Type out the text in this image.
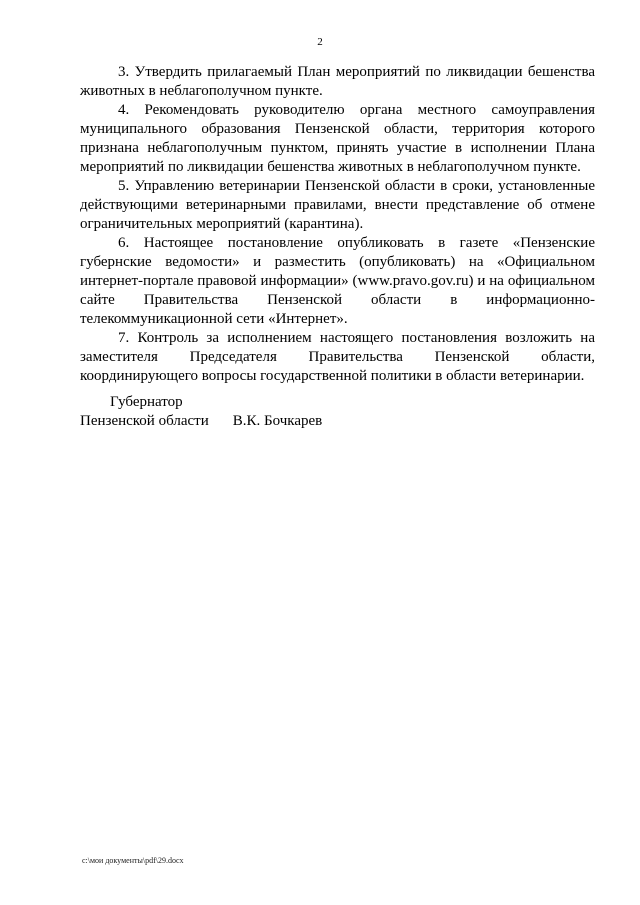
2

3. Утвердить прилагаемый План мероприятий по ликвидации бешенства животных в неблагополучном пункте.

4. Рекомендовать руководителю органа местного самоуправления муниципального образования Пензенской области, территория которого признана неблагополучным пунктом, принять участие в исполнении Плана мероприятий по ликвидации бешенства животных в неблагополучном пункте.

5. Управлению ветеринарии Пензенской области в сроки, установленные действующими ветеринарными правилами, внести представление об отмене ограничительных мероприятий (карантина).

6. Настоящее постановление опубликовать в газете «Пензенские губернские ведомости» и разместить (опубликовать) на «Официальном интернет-портале правовой информации» (www.pravo.gov.ru) и на официальном сайте Правительства Пензенской области в информационно-телекоммуникационной сети «Интернет».

7. Контроль за исполнением настоящего постановления возложить на заместителя Председателя Правительства Пензенской области, координирующего вопросы государственной политики в области ветеринарии.

Губернатор
Пензенской области В.К. Бочкарев
c:\мои документы\pdf\29.docx
